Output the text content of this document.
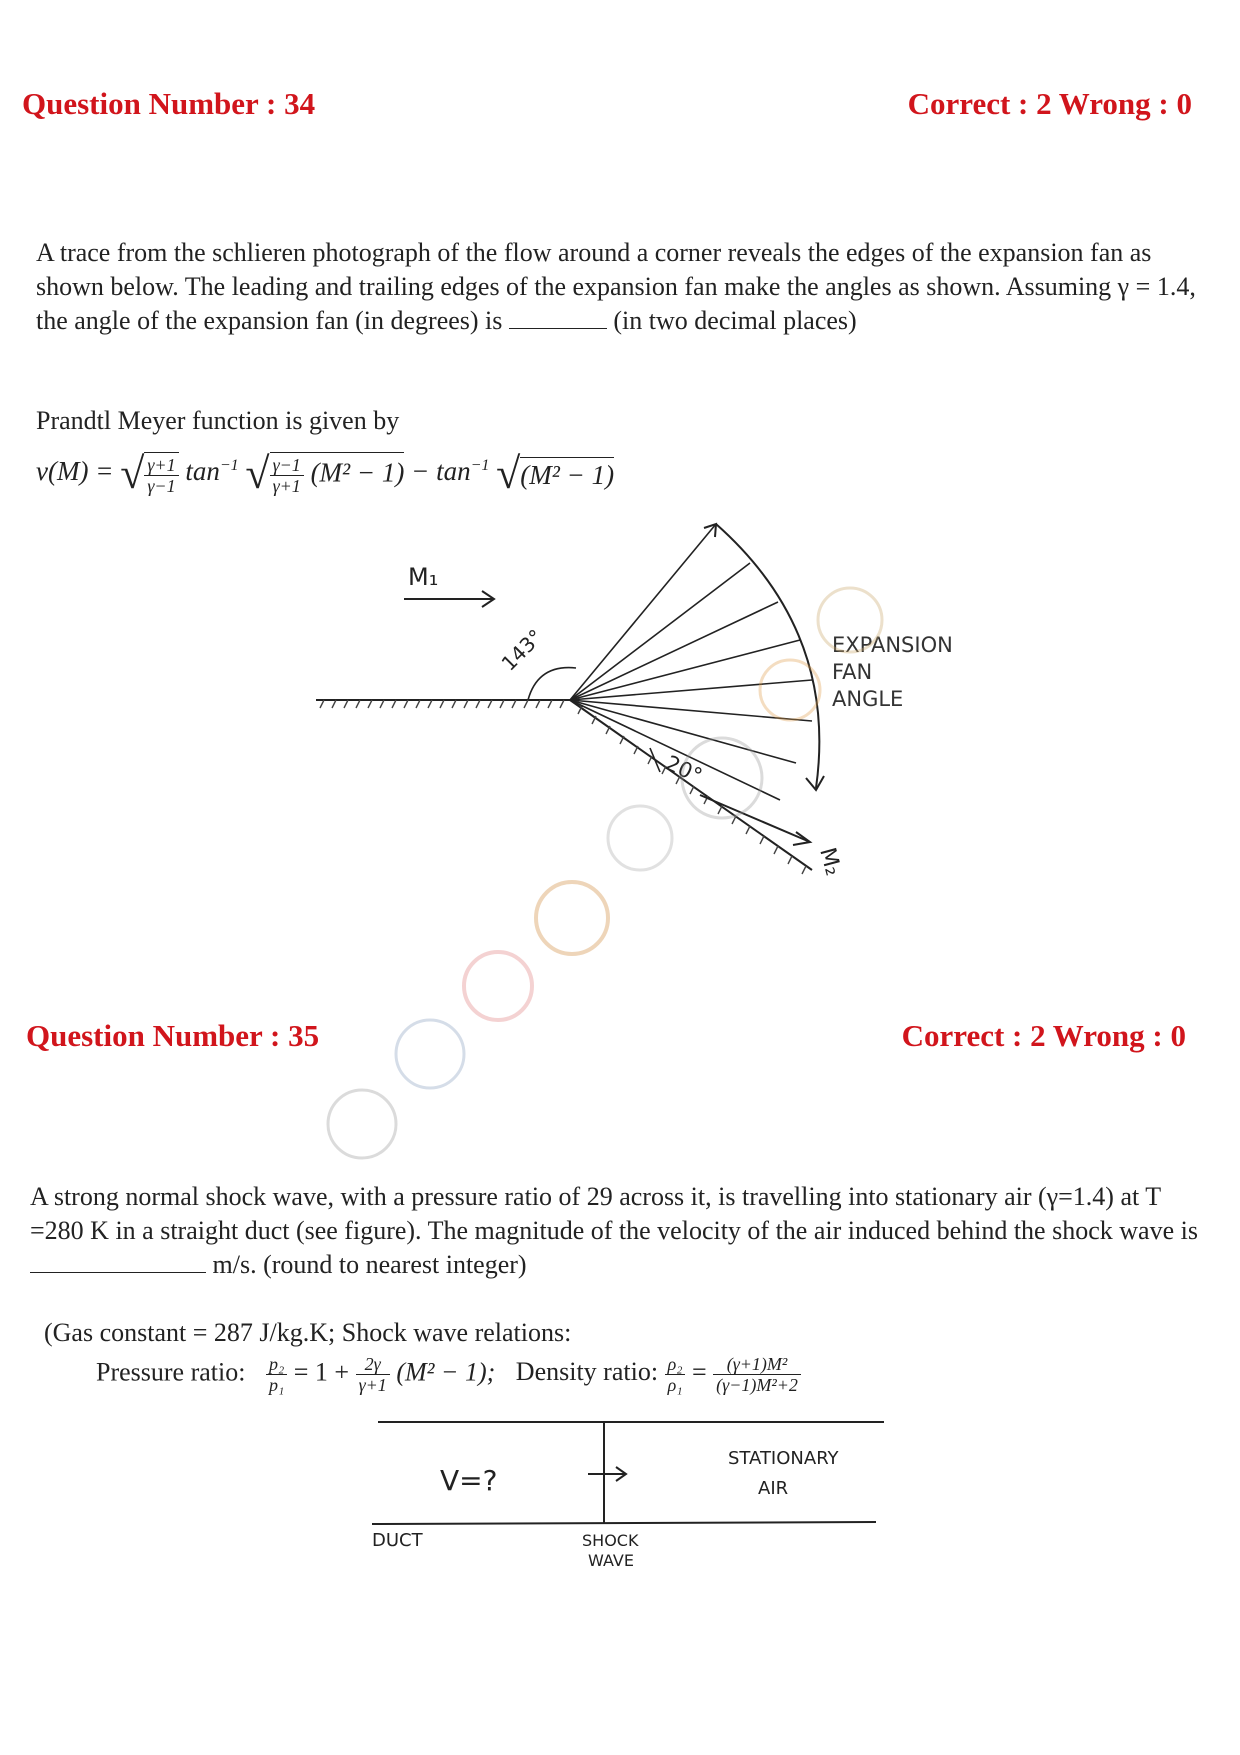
Question Number : 34	Correct : 2 Wrong : 0
A trace from the schlieren photograph of the flow around a corner reveals the edges of the expansion fan as shown below. The leading and trailing edges of the expansion fan make the angles as shown. Assuming γ = 1.4, the angle of the expansion fan (in degrees) is	(in two decimal places)
Prandtl Meyer function is given by
ν(M) = √ $\frac{\gamma+1}{\gamma-1} \tan^{-1}$ √ $\frac{\gamma-1}{\gamma+1} (M^2 - 1) - \tan^{-1} √(M^2 - 1)$
M₁
M₂
143°
20°
EXPANSION
FAN
ANGLE
Question Number : 35	Correct : 2 Wrong : 0
A strong normal shock wave, with a pressure ratio of 29 across it, is travelling into stationary air (γ=1.4) at T =280 K in a straight duct (see figure). The magnitude of the velocity of the air induced behind the shock wave is  m/s. (round to nearest integer)
(Gas constant = 287 J/kg.K; Shock wave relations:
Pressure ratio: $\frac{\text{p₂}}{\text{p₁}} = 1 + \frac{2\gamma}{\gamma+1} (M^2 - 1)$; Density ratio: $\frac{\text{ρ₂}}{\text{ρ₁}} = \frac{\text{(γ+1)M²}}{\text{(γ−1)M²+2}}$
V=?
STATIONARY
AIR
DUCT	SHOCK
WAVE
